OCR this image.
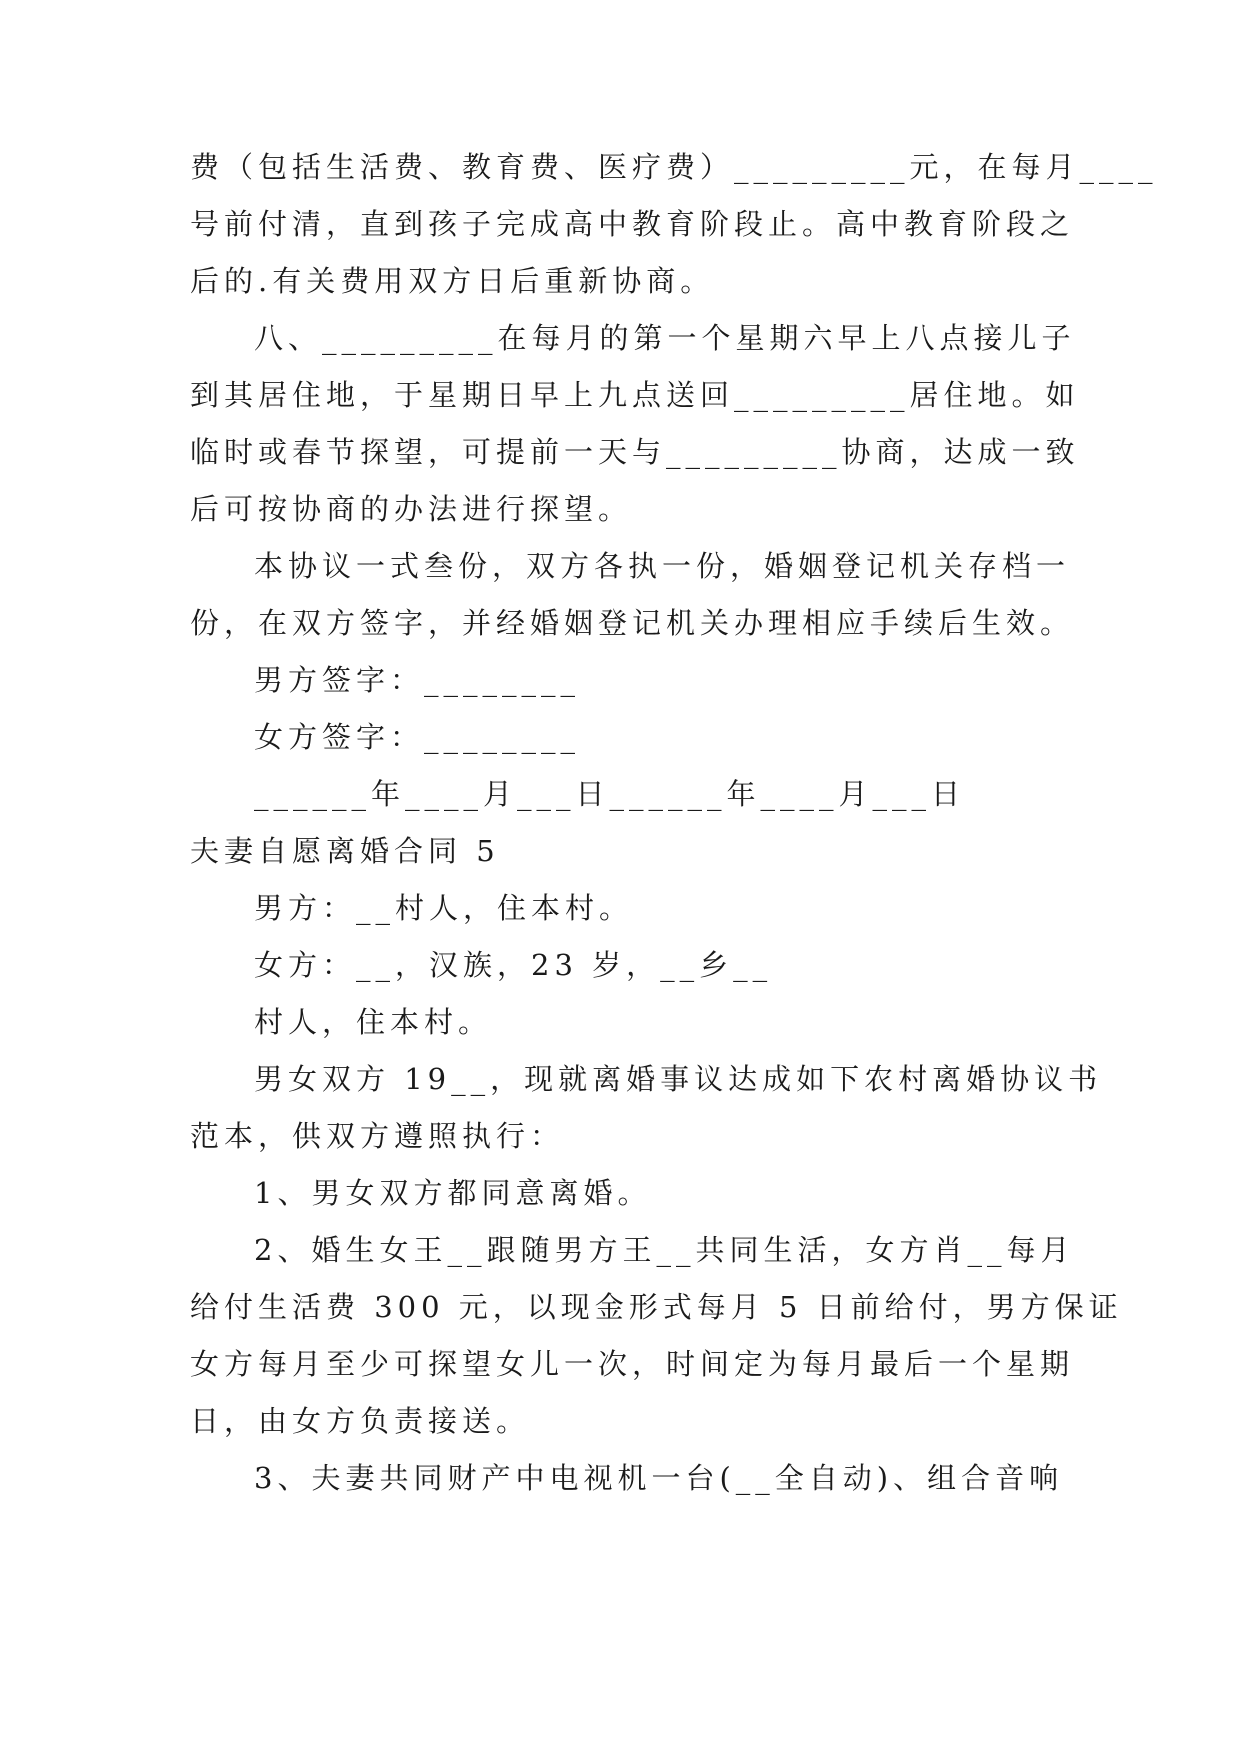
费（包括生活费、教育费、医疗费）_________元，在每月____
号前付清，直到孩子完成高中教育阶段止。高中教育阶段之
后的.有关费用双方日后重新协商。
八、_________在每月的第一个星期六早上八点接儿子
到其居住地，于星期日早上九点送回_________居住地。如
临时或春节探望，可提前一天与_________协商，达成一致
后可按协商的办法进行探望。
本协议一式叁份，双方各执一份，婚姻登记机关存档一
份，在双方签字，并经婚姻登记机关办理相应手续后生效。
男方签字：________
女方签字：________
______年____月___日______年____月___日
夫妻自愿离婚合同 5
男方：__村人，住本村。
女方：__，汉族，23 岁，__乡__
村人，住本村。
男女双方 19__，现就离婚事议达成如下农村离婚协议书
范本，供双方遵照执行：
1、男女双方都同意离婚。
2、婚生女王__跟随男方王__共同生活，女方肖__每月
给付生活费 300 元，以现金形式每月 5 日前给付，男方保证
女方每月至少可探望女儿一次，时间定为每月最后一个星期
日，由女方负责接送。
3、夫妻共同财产中电视机一台(__全自动)、组合音响
